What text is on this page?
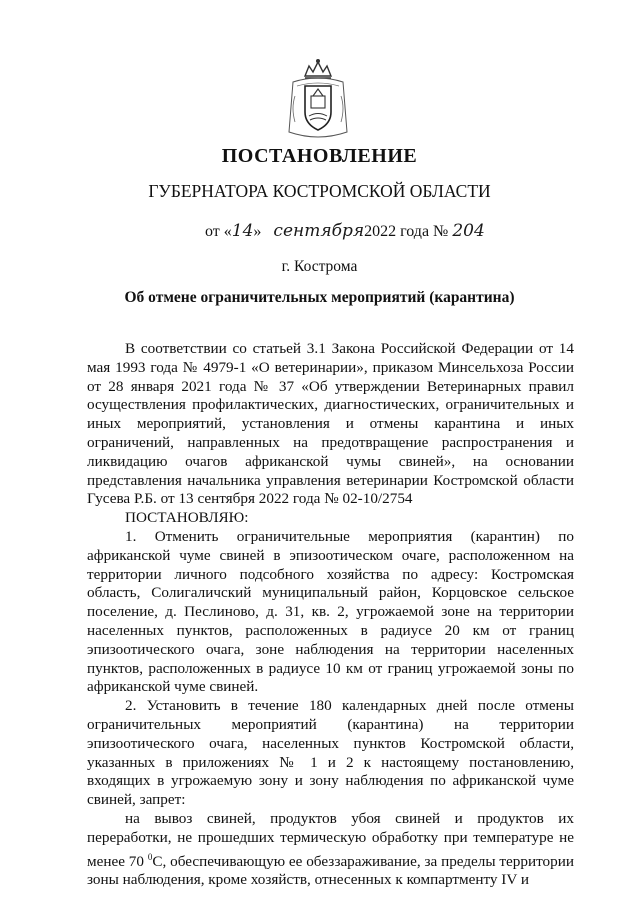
ПОСТАНОВЛЕНИЕ
ГУБЕРНАТОРА КОСТРОМСКОЙ ОБЛАСТИ
от «14» сентября2022 года № 204
г. Кострома
Об отмене ограничительных мероприятий (карантина)

В соответствии со статьей 3.1 Закона Российской Федерации от 14 мая 1993 года № 4979-1 «О ветеринарии», приказом Минсельхоза России от 28 января 2021 года № 37 «Об утверждении Ветеринарных правил осуществления профилактических, диагностических, ограничительных и иных мероприятий, установления и отмены карантина и иных ограничений, направленных на предотвращение распространения и ликвидацию очагов африканской чумы свиней», на основании представления начальника управления ветеринарии Костромской области Гусева Р.Б. от 13 сентября 2022 года № 02-10/2754

ПОСТАНОВЛЯЮ:

1. Отменить ограничительные мероприятия (карантин) по африканской чуме свиней в эпизоотическом очаге, расположенном на территории личного подсобного хозяйства по адресу: Костромская область, Солигаличский муниципальный район, Корцовское сельское поселение, д. Песлиново, д. 31, кв. 2, угрожаемой зоне на территории населенных пунктов, расположенных в радиусе 20 км от границ эпизоотического очага, зоне наблюдения на территории населенных пунктов, расположенных в радиусе 10 км от границ угрожаемой зоны по африканской чуме свиней.

2. Установить в течение 180 календарных дней после отмены ограничительных мероприятий (карантина) на территории эпизоотического очага, населенных пунктов Костромской области, указанных в приложениях № 1 и 2 к настоящему постановлению, входящих в угрожаемую зону и зону наблюдения по африканской чуме свиней, запрет:

на вывоз свиней, продуктов убоя свиней и продуктов их переработки, не прошедших термическую обработку при температуре не менее 70 $^0$С, обеспечивающую ее обеззараживание, за пределы территории зоны наблюдения, кроме хозяйств, отнесенных к компартменту IV и
